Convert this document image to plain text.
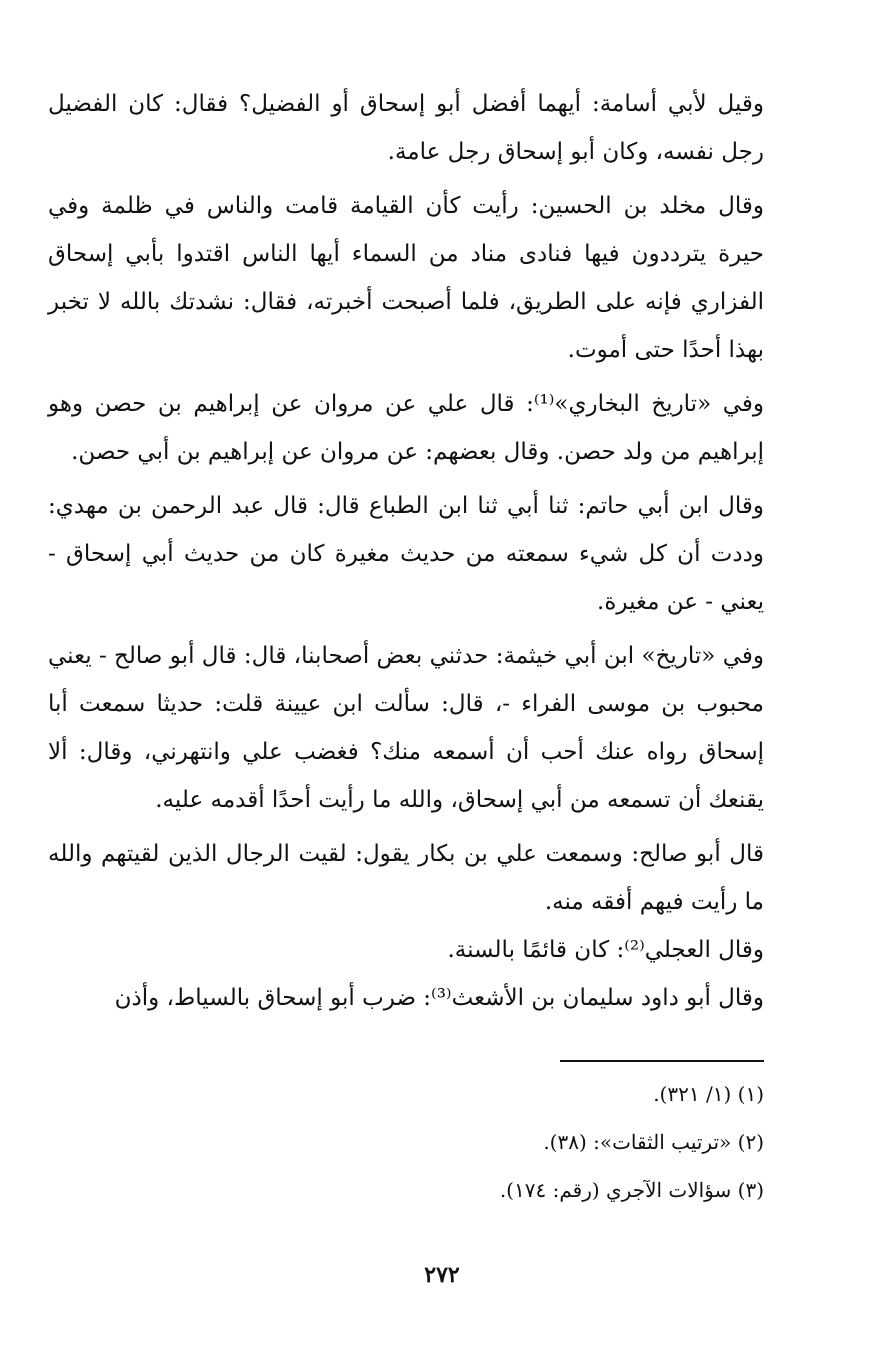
وقيل لأبي أسامة: أيهما أفضل أبو إسحاق أو الفضيل؟ فقال: كان الفضيل رجل نفسه، وكان أبو إسحاق رجل عامة.

وقال مخلد بن الحسين: رأيت كأن القيامة قامت والناس في ظلمة وفي حيرة يترددون فيها فنادى مناد من السماء أيها الناس اقتدوا بأبي إسحاق الفزاري فإنه على الطريق، فلما أصبحت أخبرته، فقال: نشدتك بالله لا تخبر بهذا أحدًا حتى أموت.

وفي «تاريخ البخاري»⁽¹⁾: قال علي عن مروان عن إبراهيم بن حصن وهو إبراهيم من ولد حصن. وقال بعضهم: عن مروان عن إبراهيم بن أبي حصن.

وقال ابن أبي حاتم: ثنا أبي ثنا ابن الطباع قال: قال عبد الرحمن بن مهدي: وددت أن كل شيء سمعته من حديث مغيرة كان من حديث أبي إسحاق - يعني - عن مغيرة.

وفي «تاريخ» ابن أبي خيثمة: حدثني بعض أصحابنا، قال: قال أبو صالح - يعني محبوب بن موسى الفراء -، قال: سألت ابن عيينة قلت: حديثا سمعت أبا إسحاق رواه عنك أحب أن أسمعه منك؟ فغضب علي وانتهرني، وقال: ألا يقنعك أن تسمعه من أبي إسحاق، والله ما رأيت أحدًا أقدمه عليه.

قال أبو صالح: وسمعت علي بن بكار يقول: لقيت الرجال الذين لقيتهم والله ما رأيت فيهم أفقه منه.

وقال العجلي⁽²⁾: كان قائمًا بالسنة.

وقال أبو داود سليمان بن الأشعث⁽³⁾: ضرب أبو إسحاق بالسياط، وأذن

(١) (١/ ٣٢١).

(٢) «ترتيب الثقات»: (٣٨).

(٣) سؤالات الآجري (رقم: ١٧٤).

٢٧٢
